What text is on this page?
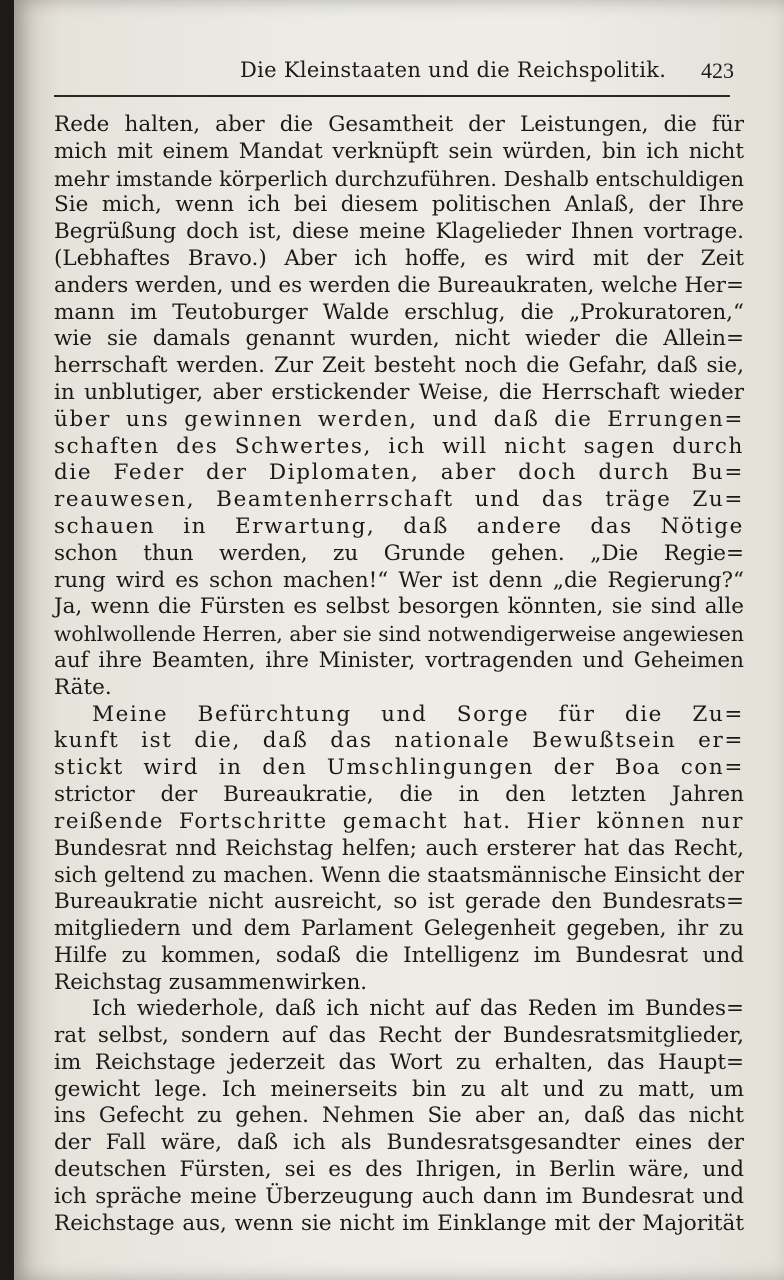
Die Kleinstaaten und die Reichspolitik. 423
Rede halten, aber die Gesamtheit der Leistungen, die für
mich mit einem Mandat verknüpft sein würden, bin ich nicht
mehr imstande körperlich durchzuführen. Deshalb entschuldigen
Sie mich, wenn ich bei diesem politischen Anlaß, der Ihre
Begrüßung doch ist, diese meine Klagelieder Ihnen vortrage.
(Lebhaftes Bravo.) Aber ich hoffe, es wird mit der Zeit
anders werden, und es werden die Bureaukraten, welche Her=
mann im Teutoburger Walde erschlug, die „Prokuratoren,“
wie sie damals genannt wurden, nicht wieder die Allein=
herrschaft werden. Zur Zeit besteht noch die Gefahr, daß sie,
in unblutiger, aber erstickender Weise, die Herrschaft wieder
über uns gewinnen werden, und daß die Errungen=
schaften des Schwertes, ich will nicht sagen durch
die Feder der Diplomaten, aber doch durch Bu=
reauwesen, Beamtenherrschaft und das träge Zu=
schauen in Erwartung, daß andere das Nötige
schon thun werden, zu Grunde gehen. „Die Regie=
rung wird es schon machen!“ Wer ist denn „die Regierung?“
Ja, wenn die Fürsten es selbst besorgen könnten, sie sind alle
wohlwollende Herren, aber sie sind notwendigerweise angewiesen
auf ihre Beamten, ihre Minister, vortragenden und Geheimen
Räte.
Meine Befürchtung und Sorge für die Zu=
kunft ist die, daß das nationale Bewußtsein er=
stickt wird in den Umschlingungen der Boa con=
strictor der Bureaukratie, die in den letzten Jahren
reißende Fortschritte gemacht hat. Hier können nur
Bundesrat nnd Reichstag helfen; auch ersterer hat das Recht,
sich geltend zu machen. Wenn die staatsmännische Einsicht der
Bureaukratie nicht ausreicht, so ist gerade den Bundesrats=
mitgliedern und dem Parlament Gelegenheit gegeben, ihr zu
Hilfe zu kommen, sodaß die Intelligenz im Bundesrat und
Reichstag zusammenwirken.
Ich wiederhole, daß ich nicht auf das Reden im Bundes=
rat selbst, sondern auf das Recht der Bundesratsmitglieder,
im Reichstage jederzeit das Wort zu erhalten, das Haupt=
gewicht lege. Ich meinerseits bin zu alt und zu matt, um
ins Gefecht zu gehen. Nehmen Sie aber an, daß das nicht
der Fall wäre, daß ich als Bundesratsgesandter eines der
deutschen Fürsten, sei es des Ihrigen, in Berlin wäre, und
ich spräche meine Überzeugung auch dann im Bundesrat und
Reichstage aus, wenn sie nicht im Einklange mit der Majorität
